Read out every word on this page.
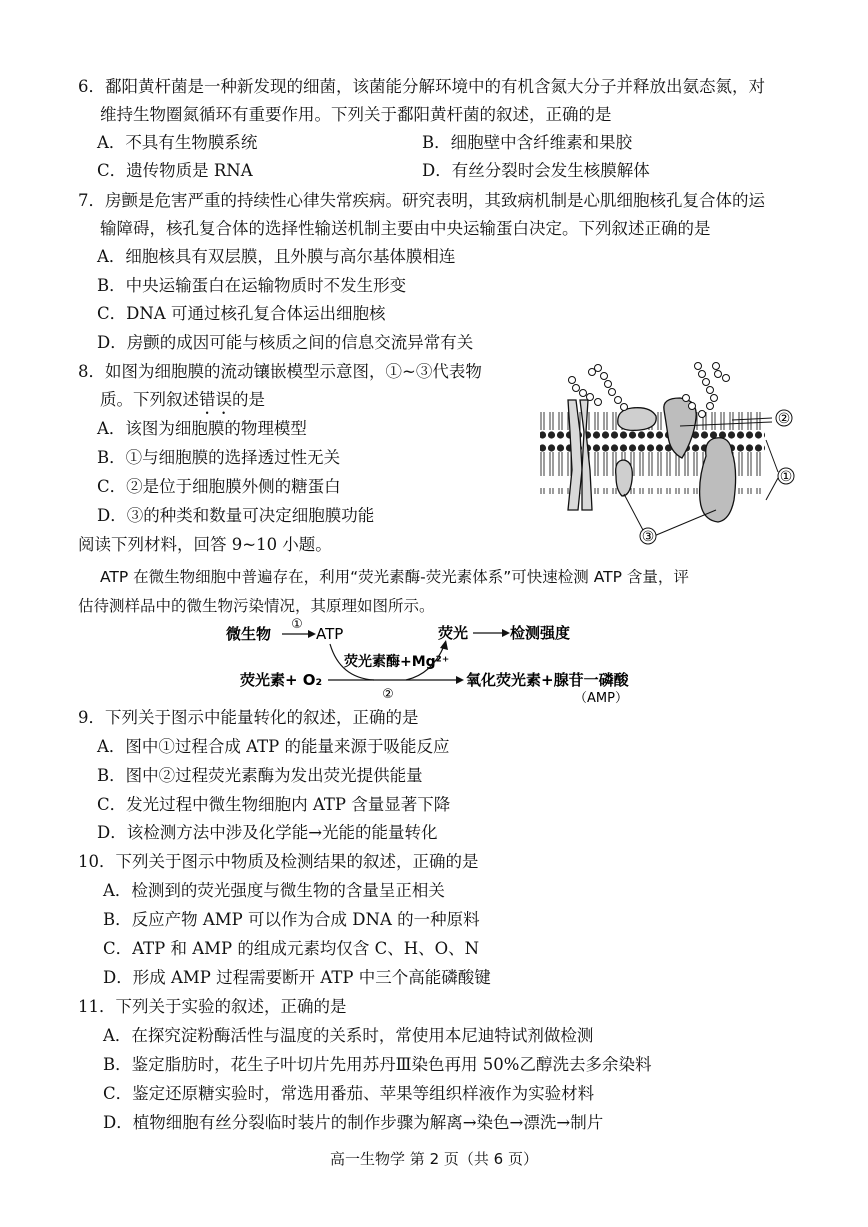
6．鄱阳黄杆菌是一种新发现的细菌，该菌能分解环境中的有机含氮大分子并释放出氨态氮，对
维持生物圈氮循环有重要作用。下列关于鄱阳黄杆菌的叙述，正确的是
A．不具有生物膜系统	B．细胞壁中含纤维素和果胶
C．遗传物质是 RNA	D．有丝分裂时会发生核膜解体
7．房颤是危害严重的持续性心律失常疾病。研究表明，其致病机制是心肌细胞核孔复合体的运
输障碍，核孔复合体的选择性输送机制主要由中央运输蛋白决定。下列叙述正确的是
A．细胞核具有双层膜，且外膜与高尔基体膜相连
B．中央运输蛋白在运输物质时不发生形变
C．DNA 可通过核孔复合体运出细胞核
D．房颤的成因可能与核质之间的信息交流异常有关
8．如图为细胞膜的流动镶嵌模型示意图，①~③代表物
质。下列叙述错误的是
A．该图为细胞膜的物理模型
B．①与细胞膜的选择透过性无关
C．②是位于细胞膜外侧的糖蛋白
D．③的种类和数量可决定细胞膜功能
②
①
③
阅读下列材料，回答 9~10 小题。
ATP 在微生物细胞中普遍存在，利用“荧光素酶-荧光素体系”可快速检测 ATP 含量，评
估待测样品中的微生物污染情况，其原理如图所示。
微生物
①
ATP	荧光	检测强度
荧光素酶+Mg²⁺
荧光素+ O₂
②
氧化荧光素+腺苷一磷酸
（AMP）
9．下列关于图示中能量转化的叙述，正确的是
A．图中①过程合成 ATP 的能量来源于吸能反应
B．图中②过程荧光素酶为发出荧光提供能量
C．发光过程中微生物细胞内 ATP 含量显著下降
D．该检测方法中涉及化学能→光能的能量转化
10．下列关于图示中物质及检测结果的叙述，正确的是
A．检测到的荧光强度与微生物的含量呈正相关
B．反应产物 AMP 可以作为合成 DNA 的一种原料
C．ATP 和 AMP 的组成元素均仅含 C、H、O、N
D．形成 AMP 过程需要断开 ATP 中三个高能磷酸键
11．下列关于实验的叙述，正确的是
A．在探究淀粉酶活性与温度的关系时，常使用本尼迪特试剂做检测
B．鉴定脂肪时，花生子叶切片先用苏丹Ⅲ染色再用 50%乙醇洗去多余染料
C．鉴定还原糖实验时，常选用番茄、苹果等组织样液作为实验材料
D．植物细胞有丝分裂临时装片的制作步骤为解离→染色→漂洗→制片
高一生物学 第 2 页（共 6 页）
